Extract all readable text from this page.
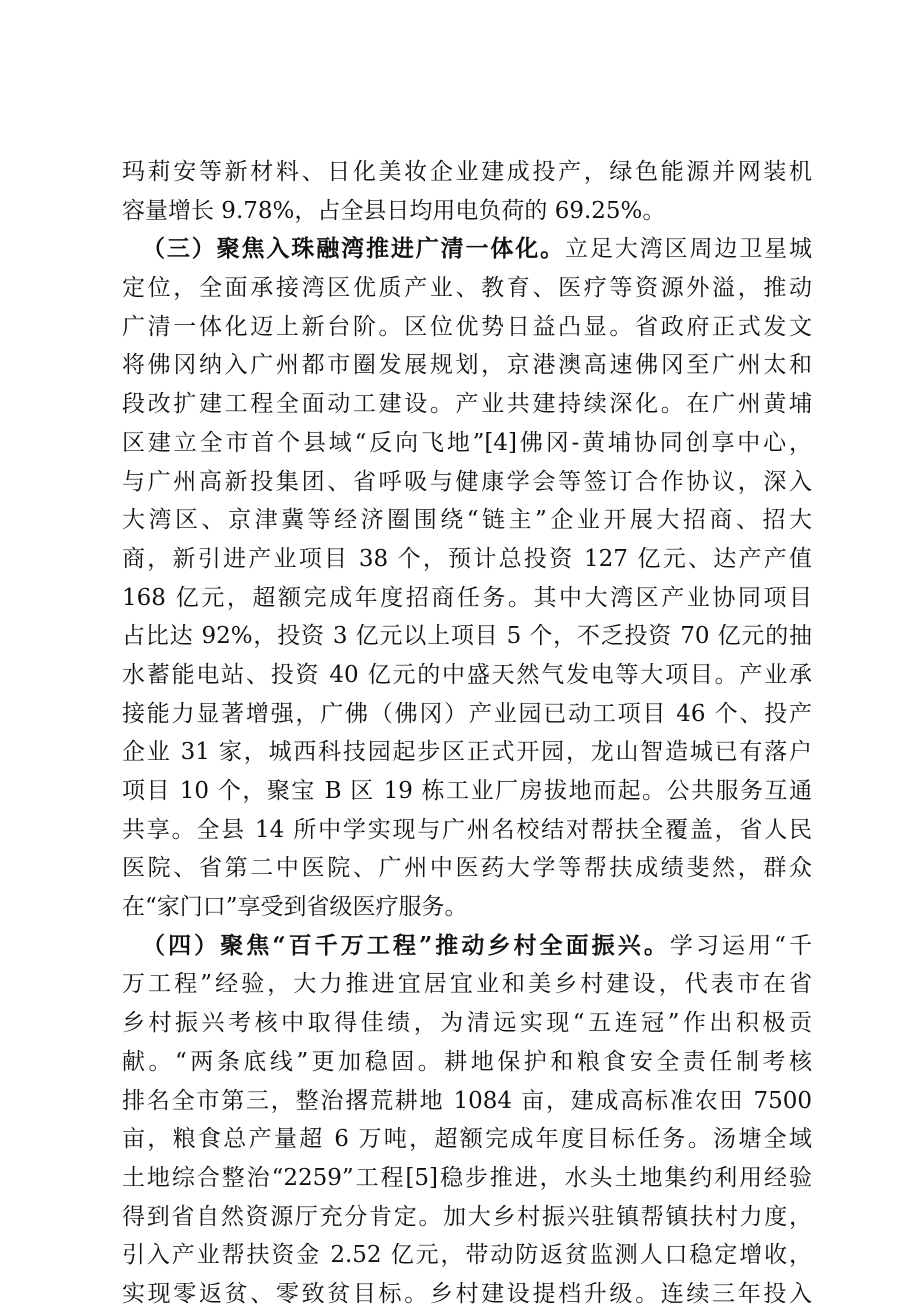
玛莉安等新材料、日化美妆企业建成投产，绿色能源并网装机
容量增长 9.78%，占全县日均用电负荷的 69.25%。
（三）聚焦入珠融湾推进广清一体化。立足大湾区周边卫星城
定位，全面承接湾区优质产业、教育、医疗等资源外溢，推动
广清一体化迈上新台阶。区位优势日益凸显。省政府正式发文
将佛冈纳入广州都市圈发展规划，京港澳高速佛冈至广州太和
段改扩建工程全面动工建设。产业共建持续深化。在广州黄埔
区建立全市首个县域“反向飞地”[4]佛冈-黄埔协同创享中心，
与广州高新投集团、省呼吸与健康学会等签订合作协议，深入
大湾区、京津冀等经济圈围绕“链主”企业开展大招商、招大
商，新引进产业项目 38 个，预计总投资 127 亿元、达产产值
168 亿元，超额完成年度招商任务。其中大湾区产业协同项目
占比达 92%，投资 3 亿元以上项目 5 个，不乏投资 70 亿元的抽
水蓄能电站、投资 40 亿元的中盛天然气发电等大项目。产业承
接能力显著增强，广佛（佛冈）产业园已动工项目 46 个、投产
企业 31 家，城西科技园起步区正式开园，龙山智造城已有落户
项目 10 个，聚宝 B 区 19 栋工业厂房拔地而起。公共服务互通
共享。全县 14 所中学实现与广州名校结对帮扶全覆盖，省人民
医院、省第二中医院、广州中医药大学等帮扶成绩斐然，群众
在“家门口”享受到省级医疗服务。
（四）聚焦“百千万工程”推动乡村全面振兴。学习运用“千
万工程”经验，大力推进宜居宜业和美乡村建设，代表市在省
乡村振兴考核中取得佳绩，为清远实现“五连冠”作出积极贡
献。“两条底线”更加稳固。耕地保护和粮食安全责任制考核
排名全市第三，整治撂荒耕地 1084 亩，建成高标准农田 7500
亩，粮食总产量超 6 万吨，超额完成年度目标任务。汤塘全域
土地综合整治“2259”工程[5]稳步推进，水头土地集约利用经验
得到省自然资源厅充分肯定。加大乡村振兴驻镇帮镇扶村力度，
引入产业帮扶资金 2.52 亿元，带动防返贫监测人口稳定增收，
实现零返贫、零致贫目标。乡村建设提档升级。连续三年投入
